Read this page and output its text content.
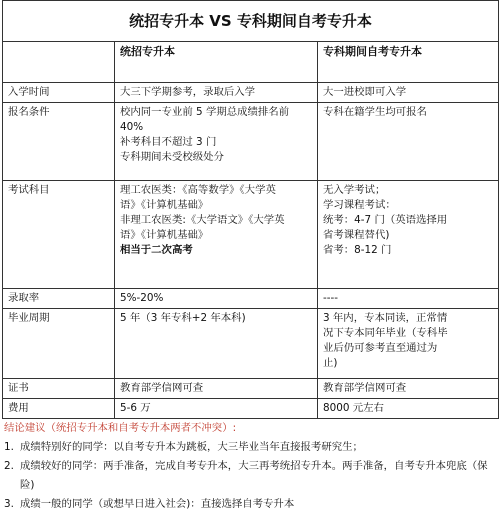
统招专升本 VS 专科期间自考专升本		
	统招专升本	专科期间自考专升本
入学时间	大三下学期参考，录取后入学	大一进校即可入学

报名条件	校内同一专业前 5 学期总成绩排名前
40%
补考科目不超过 3 门
专科期间未受校级处分	专科在籍学生均可报名

考试科目	理工农医类：《高等数学》《大学英
语》《计算机基础》
非理工农医类:《大学语文》《大学英
语》《计算机基础》
相当于二次高考	无入学考试；
学习课程考试：
统考：4-7 门（英语选择用
省考课程替代)
省考：8-12 门

录取率	5%-20%	----

毕业周期	5 年（3 年专科+2 年本科)	3 年内，专本同读，正常情
况下专本同年毕业（专科毕
业后仍可参考直至通过为
止)

证书	教育部学信网可查	教育部学信网可查

费用	5-6 万	8000 元左右
结论建议（统招专升本和自考专升本两者不冲突）:
1. 成绩特别好的同学：以自考专升本为跳板，大三毕业当年直接报考研究生；
2. 成绩较好的同学：两手准备，完成自考专升本，大三再考统招专升本。两手准备，自考专升本兜底（保险)
3. 成绩一般的同学（或想早日进入社会)：直接选择自考专升本
